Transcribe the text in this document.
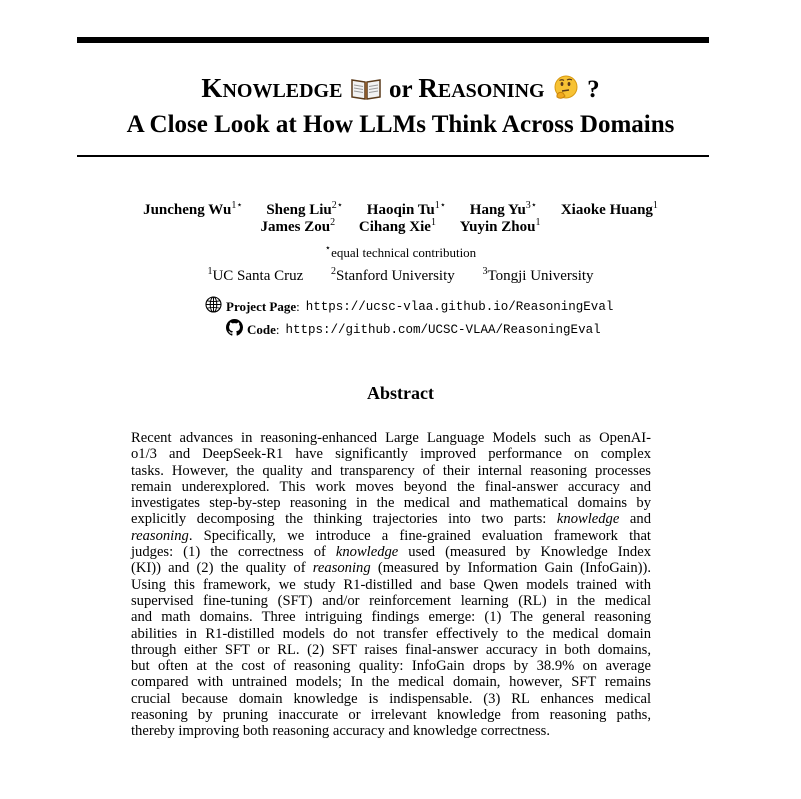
KNOWLEDGE or REASONING ?
A Close Look at How LLMs Think Across Domains
Juncheng $Wu^{1⋆}$ Sheng Liu$^{2⋆}$ Haoqin $Tu^{1⋆}$ Hang $Yu^{3⋆}$ Xiaoke Huang$^1$
James Zou$^2$ Cihang Xie$^1$ Yuyin Zhou$^1$
⋆equal technical contribution
$^1$UC Santa Cruz	$^2$Stanford University	$^3$Tongji University
Project Page : https://ucsc-vlaa.github.io/ReasoningEval
Code : https://github.com/UCSC-VLAA/ReasoningEval
Abstract
Recent advances in reasoning-enhanced Large Language Models such as OpenAI-
o1/3 and DeepSeek-R1 have significantly improved performance on complex
tasks. However, the quality and transparency of their internal reasoning processes
remain underexplored. This work moves beyond the final-answer accuracy and
investigates step-by-step reasoning in the medical and mathematical domains by
explicitly decomposing the thinking trajectories into two parts: knowledge and
reasoning. Specifically, we introduce a fine-grained evaluation framework that
judges: (1) the correctness of knowledge used (measured by Knowledge Index
(KI)) and (2) the quality of reasoning (measured by Information Gain (InfoGain)).
Using this framework, we study R1-distilled and base Qwen models trained with
supervised fine-tuning (SFT) and/or reinforcement learning (RL) in the medical
and math domains. Three intriguing findings emerge: (1) The general reasoning
abilities in R1-distilled models do not transfer effectively to the medical domain
through either SFT or RL. (2) SFT raises final-answer accuracy in both domains,
but often at the cost of reasoning quality: InfoGain drops by 38.9% on average
compared with untrained models; In the medical domain, however, SFT remains
crucial because domain knowledge is indispensable. (3) RL enhances medical
reasoning by pruning inaccurate or irrelevant knowledge from reasoning paths,
thereby improving both reasoning accuracy and knowledge correctness.
